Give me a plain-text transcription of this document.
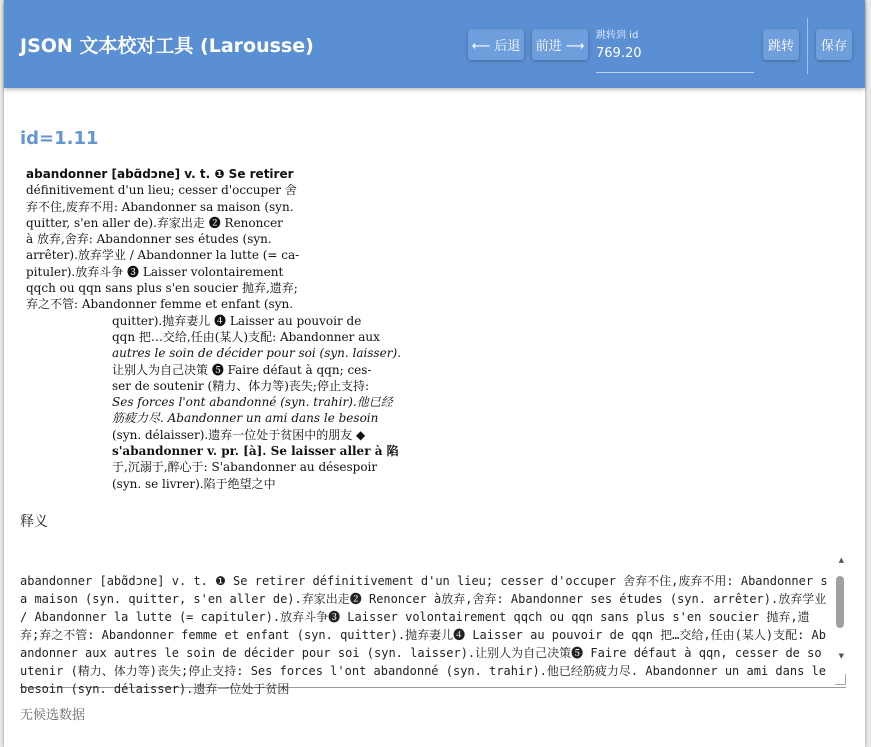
JSON 文本校对工具 (Larousse)	⟵ 后退 前进 ⟶
跳转到 id
769.20	跳转	保存
id=1.11

abandonner [abɑ̃dɔne] v. t. ❶ Se retirer

définitivement d'un lieu; cesser d'occuper 舍

弃不住,废弃不用: Abandonner sa maison (syn.

quitter, s'en aller de).弃家出走 ❷ Renoncer

à 放弃,舍弃: Abandonner ses études (syn.

arrêter).放弃学业 / Abandonner la lutte (= ca-

pituler).放弃斗争 ❸ Laisser volontairement

qqch ou qqn sans plus s'en soucier 抛弃,遗弃;

弃之不管: Abandonner femme et enfant (syn.

quitter).抛弃妻儿 ❹ Laisser au pouvoir de

qqn 把…交给,任由(某人)支配: Abandonner aux

autres le soin de décider pour soi (syn. laisser).

让别人为自己决策 ❺ Faire défaut à qqn; ces-

ser de soutenir (精力、体力等)丧失;停止支持:

Ses forces l'ont abandonné (syn. trahir).他已经

筋疲力尽. Abandonner un ami dans le besoin

(syn. délaisser).遗弃一位处于贫困中的朋友 ◆

s'abandonner v. pr. [à]. Se laisser aller à 陷

于,沉溺于,醉心于: S'abandonner au désespoir

(syn. se livrer).陷于绝望之中

释义
abandonner [abɑ̃dɔne] v. t. ❶ Se retirer définitivement d'un lieu; cesser d'occuper 舍弃不住,废弃不用: Abandonner sa maison (syn. quitter, s'en aller de).弃家出走❷ Renoncer à放弃,舍弃: Abandonner ses études (syn. arrêter).放弃学业 / Abandonner la lutte (= capituler).放弃斗争❸ Laisser volontairement qqch ou qqn sans plus s'en soucier 抛弃,遗弃;弃之不管: Abandonner femme et enfant (syn. quitter).抛弃妻儿❹ Laisser au pouvoir de qqn 把…交给,任由(某人)支配: Abandonner aux autres le soin de décider pour soi (syn. laisser).让别人为自己决策❺ Faire défaut à qqn, cesser de soutenir (精力、体力等)丧失;停止支持: Ses forces l'ont abandonné (syn. trahir).他已经筋疲力尽. Abandonner un ami dans le besoin (syn. délaisser).遗弃一位处于贫困
▲
▼
无候选数据
